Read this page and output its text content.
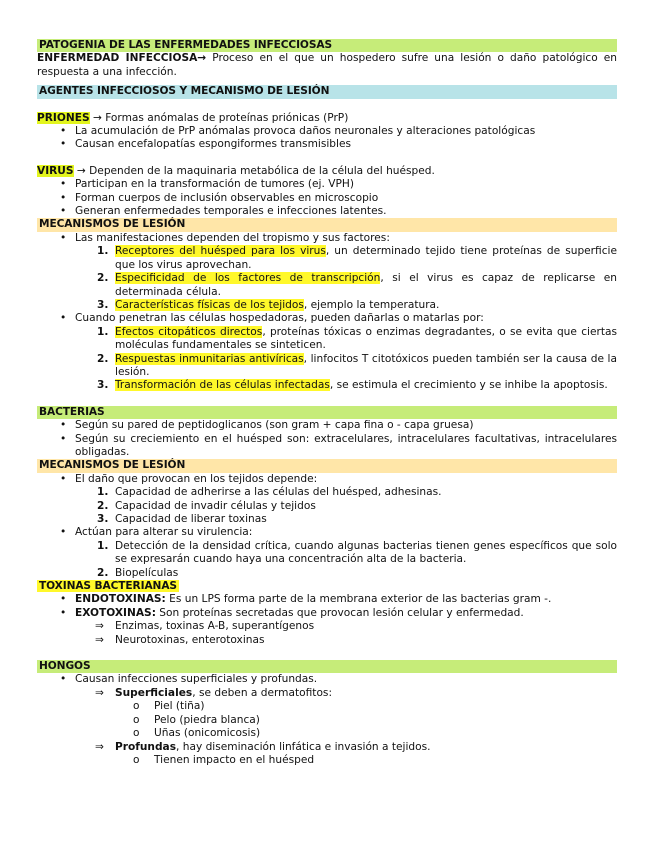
PATOGENIA DE LAS ENFERMEDADES INFECCIOSAS

ENFERMEDAD INFECCIOSA→ Proceso en el que un hospedero sufre una lesión o daño patológico en respuesta a una infección.

AGENTES INFECCIOSOS Y MECANISMO DE LESIÓN
PRIONES → Formas anómalas de proteínas priónicas (PrP)
• La acumulación de PrP anómalas provoca daños neuronales y alteraciones patológicas
• Causan encefalopatías espongiformes transmisibles
VIRUS → Dependen de la maquinaria metabólica de la célula del huésped.
• Participan en la transformación de tumores (ej. VPH)
• Forman cuerpos de inclusión observables en microscopio
• Generan enfermedades temporales e infecciones latentes.
MECANISMOS DE LESIÓN
• Las manifestaciones dependen del tropismo y sus factores:
1. Receptores del huésped para los virus, un determinado tejido tiene proteínas de superficie que los virus aprovechan.
2. Especificidad de los factores de transcripción, si el virus es capaz de replicarse en determinada célula.
3. Características físicas de los tejidos, ejemplo la temperatura.
• Cuando penetran las células hospedadoras, pueden dañarlas o matarlas por:
1. Efectos citopáticos directos, proteínas tóxicas o enzimas degradantes, o se evita que ciertas moléculas fundamentales se sinteticen.
2. Respuestas inmunitarias antivíricas, linfocitos T citotóxicos pueden también ser la causa de la lesión.
3. Transformación de las células infectadas, se estimula el crecimiento y se inhibe la apoptosis.
BACTERIAS
• Según su pared de peptidoglicanos (son gram + capa fina o - capa gruesa)
• Según su creciemiento en el huésped son: extracelulares, intracelulares facultativas, intracelulares obligadas.
MECANISMOS DE LESIÓN
• El daño que provocan en los tejidos depende:
1. Capacidad de adherirse a las células del huésped, adhesinas.
2. Capacidad de invadir células y tejidos
3. Capacidad de liberar toxinas
• Actúan para alterar su virulencia:
1. Detección de la densidad crítica, cuando algunas bacterias tienen genes específicos que solo se expresarán cuando haya una concentración alta de la bacteria.
2. Biopelículas
TOXINAS BACTERIANAS
• ENDOTOXINAS: Es un LPS forma parte de la membrana exterior de las bacterias gram -.
• EXOTOXINAS: Son proteínas secretadas que provocan lesión celular y enfermedad.
⇒ Enzimas, toxinas A-B, superantígenos
⇒ Neurotoxinas, enterotoxinas
HONGOS
• Causan infecciones superficiales y profundas.
⇒ Superficiales, se deben a dermatofitos:
o Piel (tiña)
o Pelo (piedra blanca)
o Uñas (onicomicosis)
⇒ Profundas, hay diseminación linfática e invasión a tejidos.
o Tienen impacto en el huésped
